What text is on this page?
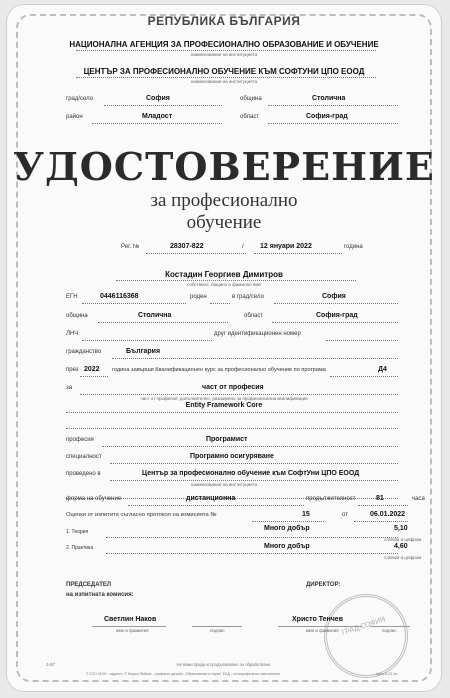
РЕПУБЛИКА БЪЛГАРИЯ
НАЦИОНАЛНА АГЕНЦИЯ ЗА ПРОФЕСИОНАЛНО ОБРАЗОВАНИЕ И ОБУЧЕНИЕ
наименование на институцията
ЦЕНТЪР ЗА ПРОФЕСИОНАЛНО ОБУЧЕНИЕ КЪМ СОФТУНИ ЦПО ЕООД
наименование на институцията
град/село	София	община	Столична
район	Младост	област	София-град
УДОСТОВЕРЕНИЕ
за професионално
обучение
Рег. №	28307-822	/ 12 януари 2022	година
Костадин Георгиев Димитров
собствено, бащино и фамилно име
ЕГН	0446116368	роден	в град/село	София
община	Столична	област	София-град
ЛНЧ	друг идентификационен номер
гражданство	България
през 2022 година завърши Квалификационен курс за професионално обучение по програма	Д4
за	част от професия
част от професия, допълнително, разширено за професионална квалификация
Entity Framework Core
професия	Програмист
специалност	Програмно осигуряване
проведено в	Център за професионално обучение към СофтУни ЦПО ЕООД
наименование на институцията
форма на обучение	дистанционна	продължителност	81	часа
Оценки от изпитите съгласно протокол на комисията №	15	от	06.01.2022
1. Теория	Много добър	5,10
словом и цифром
2. Практика	Много добър	4,60
словом и цифром
ПРЕДСЕДАТЕЛ
на изпитната комисия:
ДИРЕКТОР:
ГРАД СОФИЯ
Светлин Наков
име и фамилия	подпис
Христо Тенчев
име и фамилия	подпис
3-87	Не важи преди и продължаване за обработване.
© 2021 МОН - издател, © Марин Пейков - графичен дизайн, „Образование и наука" ЕАД - полиграфическо изпълнение	Цена 0,24 лв.
